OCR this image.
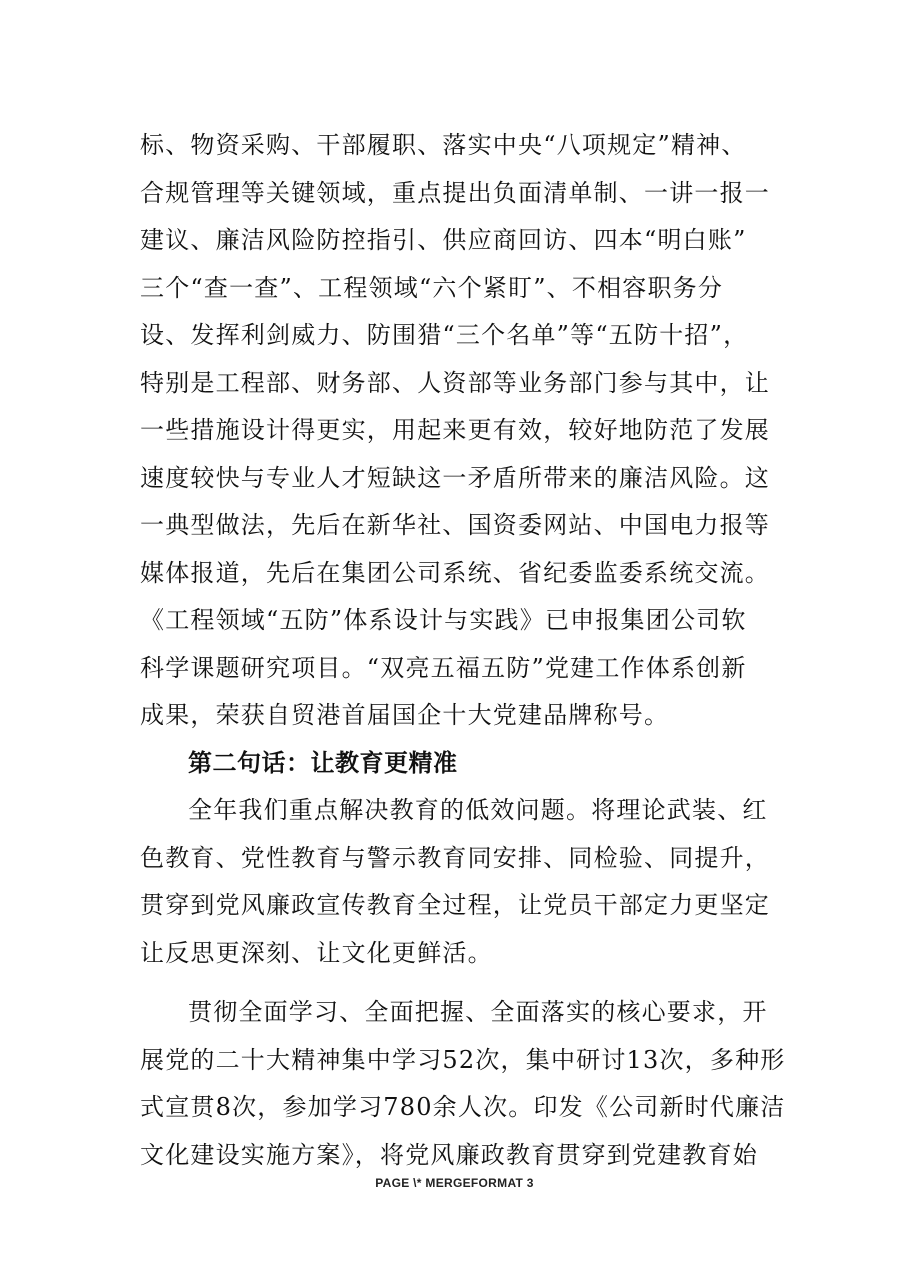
标、物资采购、干部履职、落实中央“八项规定”精神、
合规管理等关键领域，重点提出负面清单制、一讲一报一
建议、廉洁风险防控指引、供应商回访、四本“明白账”
三个“查一查”、工程领域“六个紧盯”、不相容职务分
设、发挥利剑威力、防围猎“三个名单”等“五防十招”，
特别是工程部、财务部、人资部等业务部门参与其中，让
一些措施设计得更实，用起来更有效，较好地防范了发展
速度较快与专业人才短缺这一矛盾所带来的廉洁风险。这
一典型做法，先后在新华社、国资委网站、中国电力报等
媒体报道，先后在集团公司系统、省纪委监委系统交流。
《工程领域“五防”体系设计与实践》已申报集团公司软
科学课题研究项目。“双亮五福五防”党建工作体系创新
成果，荣获自贸港首届国企十大党建品牌称号。
第二句话：让教育更精准
全年我们重点解决教育的低效问题。将理论武装、红
色教育、党性教育与警示教育同安排、同检验、同提升，
贯穿到党风廉政宣传教育全过程，让党员干部定力更坚定
让反思更深刻、让文化更鲜活。
贯彻全面学习、全面把握、全面落实的核心要求，开
展党的二十大精神集中学习52次，集中研讨13次，多种形
式宣贯8次，参加学习780余人次。印发《公司新时代廉洁
文化建设实施方案》，将党风廉政教育贯穿到党建教育始
PAGE \* MERGEFORMAT 3
